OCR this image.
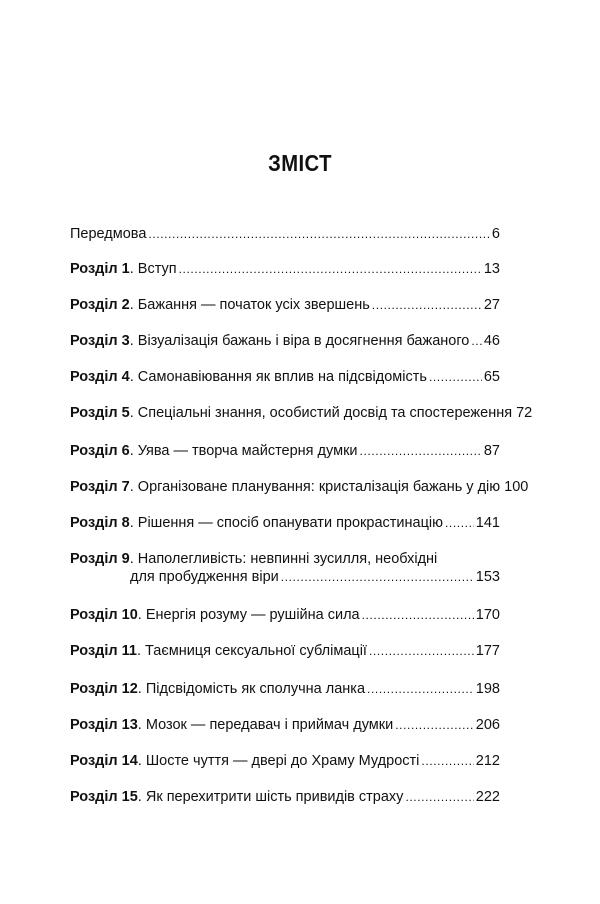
ЗМІСТ
Передмова .....	6
Розділ 1. Вступ .....	13
Розділ 2. Бажання — початок усіх звершень .....	27
Розділ 3. Візуалізація бажань і віра в досягнення бажаного ..... 46
Розділ 4. Самонавіювання як вплив на підсвідомість .....	65
Розділ 5. Спеціальні знання, особистий досвід та спостереження 72
Розділ 6. Уява — творча майстерня думки .....	87
Розділ 7. Організоване планування: кристалізація бажань у дію 100
Розділ 8. Рішення — спосіб опанувати прокрастинацію ..... 141
Розділ 9. Наполегливість: невпинні зусилля, необхідні
для пробудження віри .....	153
Розділ 10. Енергія розуму — рушійна сила .....	170
Розділ 11. Таємниця сексуальної сублімації .....	177
Розділ 12. Підсвідомість як сполучна ланка .....	198
Розділ 13. Мозок — передавач і приймач думки .....	206
Розділ 14. Шосте чуття — двері до Храму Мудрості .....	212
Розділ 15. Як перехитрити шість привидів страху .....	222
